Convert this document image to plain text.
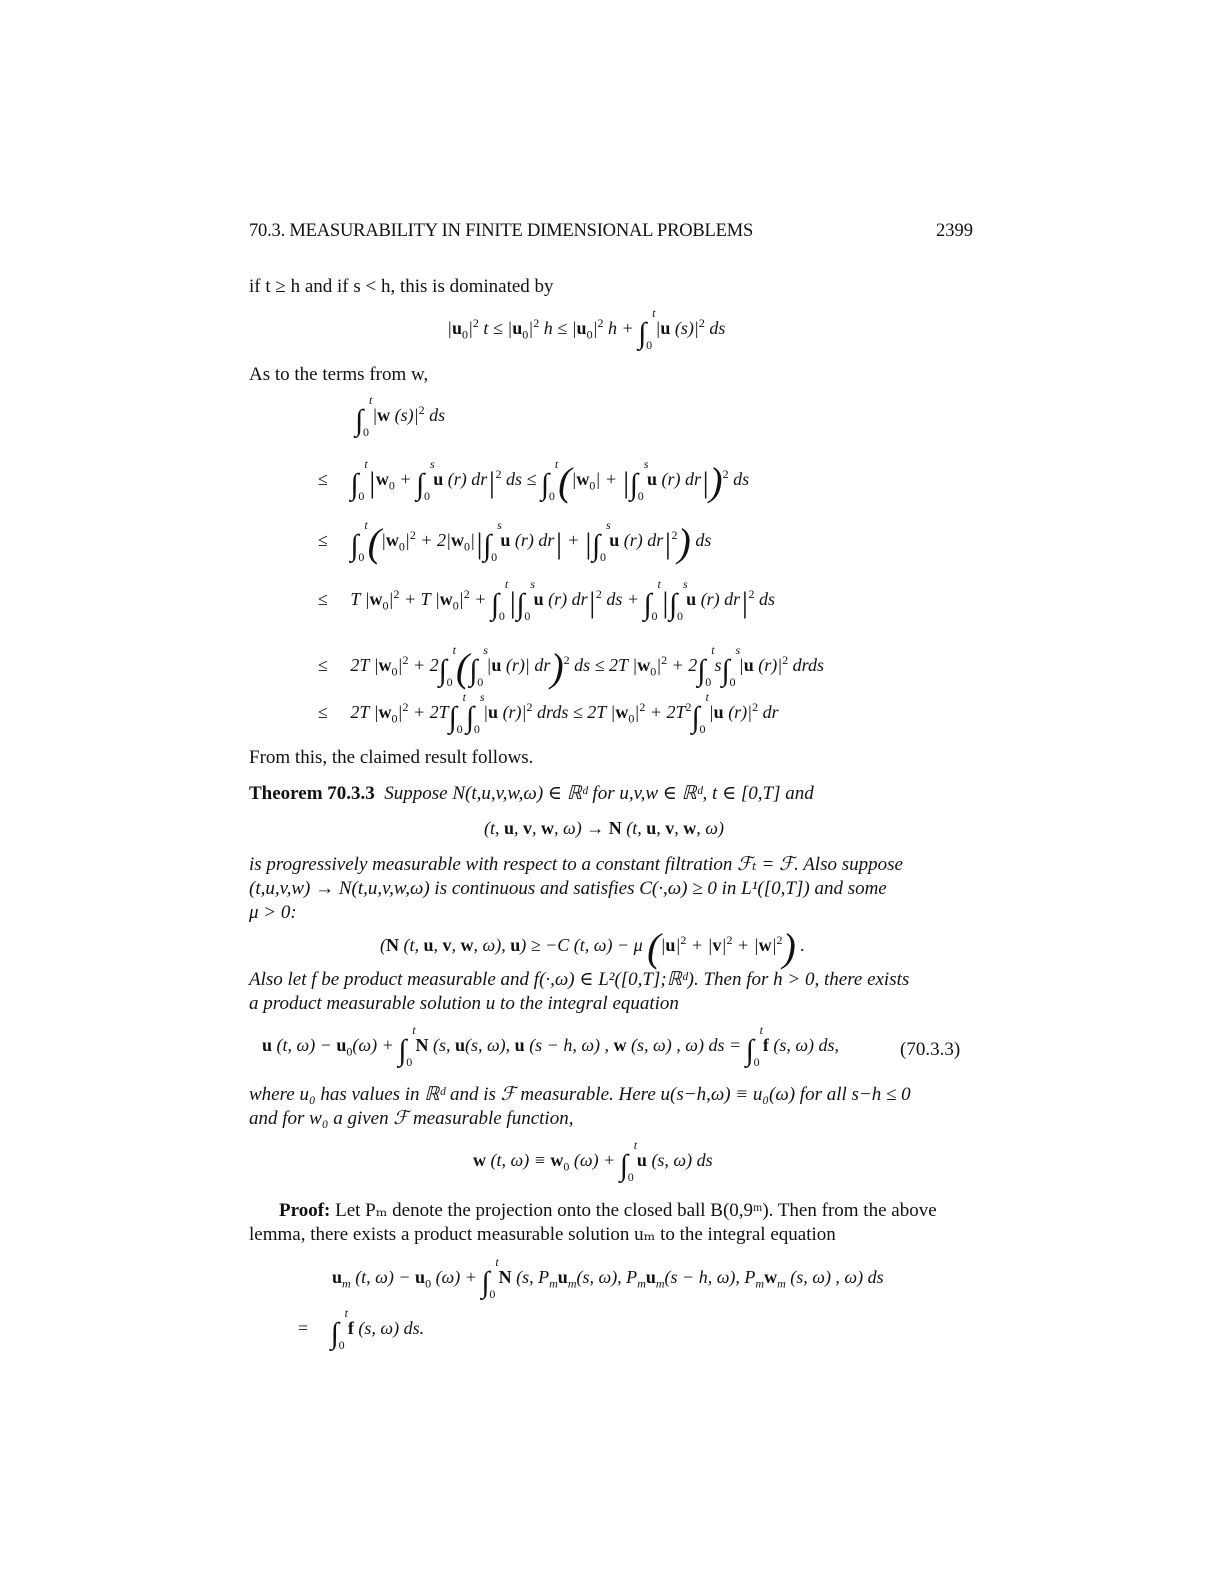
70.3. MEASURABILITY IN FINITE DIMENSIONAL PROBLEMS	2399
if t ≥ h and if s < h, this is dominated by
$|u_0|^2$ $t \le |u_0|^2$ $h \le |u_0|^2$ h + ∫
t
0
|u $(s)|^2$ ds
As to the terms from w,
∫
t
0
|w $(s)|^2$ ds
≤ ∫
t
0 $|w_0$ + ∫
s
0
u (r) $dr|^2$ ds ≤ ∫
t
0 ($|w_0|$ + |∫
s
0
u (r) dr|)$^2$ ds
≤ ∫
t
0 ($|w_0|^2 + 2|w_0||\int$
s
0
u (r) dr| + |∫
s
0
u (r) $dr|^2$) ds
≤     T $|w_0|^2 + T$ $|w_0|^2$ + ∫
t
0 |∫
s
0
u (r) $dr|^2$ ds + ∫
t
0 |∫
s
0
u (r) $dr|^2$ ds
≤     2T $|w_0|^2 + 2\int$
t
0 (∫
s
0
|u (r)| dr)$^2$ ds ≤ 2T $|w_0|^2 + 2\int$
t
0
s∫
s
0
|u $(r)|^2$ drds
≤     2T $|w_0|^2 + 2T\int$
t
0 ∫
s
0
|u $(r)|^2$ drds ≤ 2T $|w_0|^2 + 2T^2\int$
t
0
|u $(r)|^2$ dr
From this, the claimed result follows.
Theorem 70.3.3 Suppose N(t,u,v,w,ω) ∈ ℝᵈ for u,v,w ∈ ℝᵈ, t ∈ [0,T] and
(t, u, v, w, ω) → N (t, u, v, w, ω)
is progressively measurable with respect to a constant filtration ℱₜ = ℱ. Also suppose
(t,u,v,w) → N(t,u,v,w,ω) is continuous and satisfies C(·,ω) ≥ 0 in L¹([0,T]) and some
μ > 0:
(N (t, u, v, w, ω), u) ≥ −C (t, ω) − μ $(|u|^2 + |v|^2 + |w|^2)$ .
Also let f be product measurable and f(·,ω) ∈ L²([0,T];ℝᵈ). Then for h > 0, there exists
a product measurable solution u to the integral equation
u (t, $\omega) - u_0(\omega)$ + ∫
t
0
N (s, u(s, ω), u (s − h, ω) , w (s, ω) , ω) ds = ∫
t
0
f (s, ω) ds,	(70.3.3)
where u₀ has values in ℝᵈ and is ℱ measurable. Here u(s−h,ω) ≡ u₀(ω) for all s−h ≤ 0
and for w₀ a given ℱ measurable function,
w (t, $\omega) \equiv w_0$ (ω) + ∫
t
0
u (s, ω) ds
Proof: Let Pₘ denote the projection onto the closed ball B(0,9ᵐ). Then from the above
lemma, there exists a product measurable solution uₘ to the integral equation
$u_m$ (t, $\omega) - u_0$ (ω) + ∫
t
0
N (s, $P_mu_m(s$, ω), $P_mu_m(s - h$, ω), $P_mw_m$ (s, ω) , ω) ds
= ∫
t
0
f (s, ω) ds.
